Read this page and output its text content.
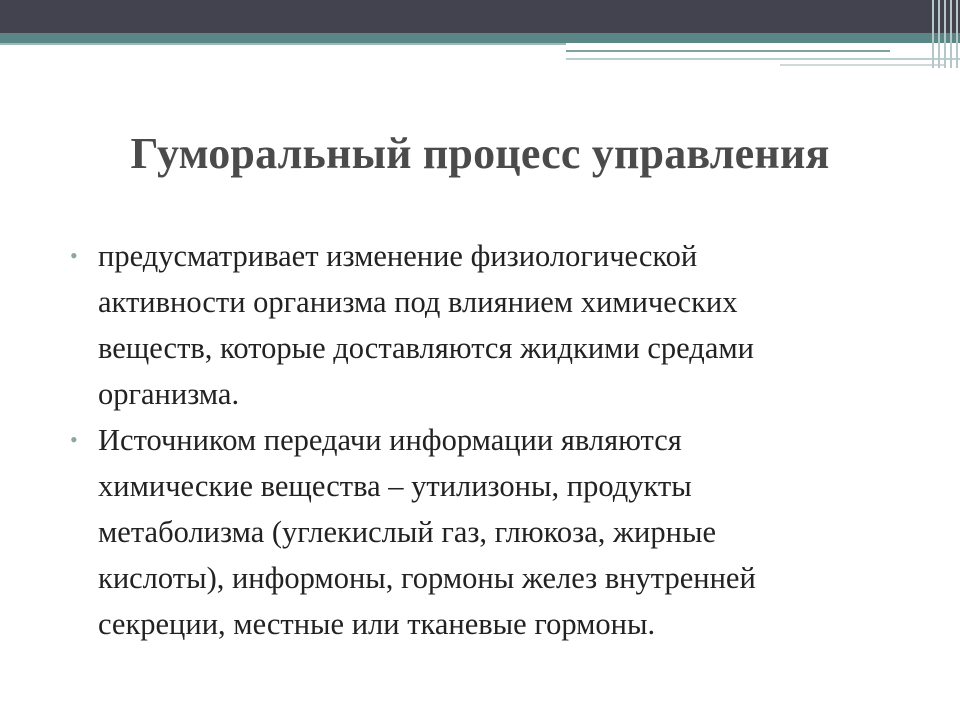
Гуморальный процесс управления
• предусматривает изменение физиологической
активности организма под влиянием химических
веществ, которые доставляются жидкими средами
организма.
• Источником передачи информации являются
химические вещества – утилизоны, продукты
метаболизма (углекислый газ, глюкоза, жирные
кислоты), информоны, гормоны желез внутренней
секреции, местные или тканевые гормоны.
